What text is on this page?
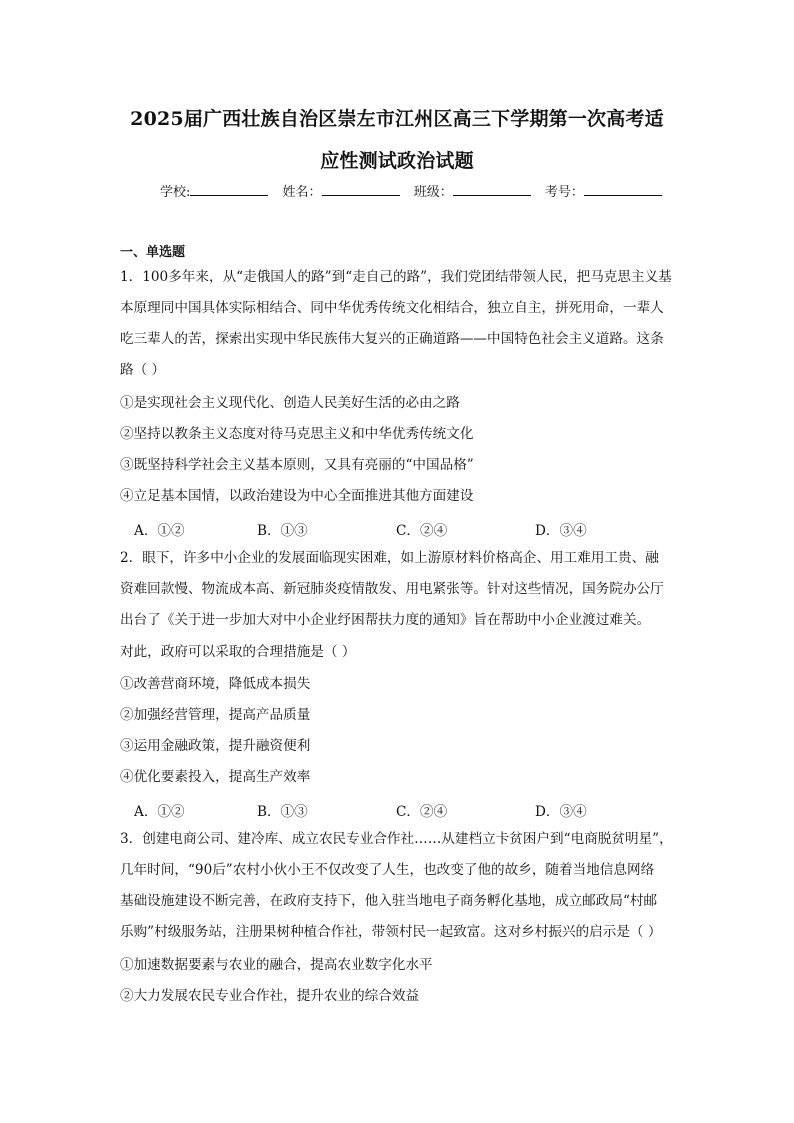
2025届广西壮族自治区崇左市江州区高三下学期第一次高考适
应性测试政治试题
学校:	姓名：	班级：	考号：
一、单选题
1．100多年来，从“走俄国人的路”到“走自己的路”，我们党团结带领人民，把马克思主义基
本原理同中国具体实际相结合、同中华优秀传统文化相结合，独立自主，拼死用命，一辈人
吃三辈人的苦，探索出实现中华民族伟大复兴的正确道路——中国特色社会主义道路。这条
路（ ）
①是实现社会主义现代化、创造人民美好生活的必由之路
②坚持以教条主义态度对待马克思主义和中华优秀传统文化
③既坚持科学社会主义基本原则，又具有亮丽的“中国品格”
④立足基本国情，以政治建设为中心全面推进其他方面建设
A．①②	B．①③	C．②④	D．③④
2．眼下，许多中小企业的发展面临现实困难，如上游原材料价格高企、用工难用工贵、融
资难回款慢、物流成本高、新冠肺炎疫情散发、用电紧张等。针对这些情况，国务院办公厅
出台了《关于进一步加大对中小企业纾困帮扶力度的通知》旨在帮助中小企业渡过难关。
对此，政府可以采取的合理措施是（ ）
①改善营商环境，降低成本损失
②加强经营管理，提高产品质量
③运用金融政策，提升融资便利
④优化要素投入，提高生产效率
A．①②	B．①③	C．②④	D．③④
3．创建电商公司、建冷库、成立农民专业合作社……从建档立卡贫困户到“电商脱贫明星”，
几年时间，“90后”农村小伙小王不仅改变了人生，也改变了他的故乡，随着当地信息网络
基础设施建设不断完善，在政府支持下，他入驻当地电子商务孵化基地，成立邮政局“村邮
乐购”村级服务站，注册果树种植合作社，带领村民一起致富。这对乡村振兴的启示是（ ）
①加速数据要素与农业的融合，提高农业数字化水平
②大力发展农民专业合作社，提升农业的综合效益
